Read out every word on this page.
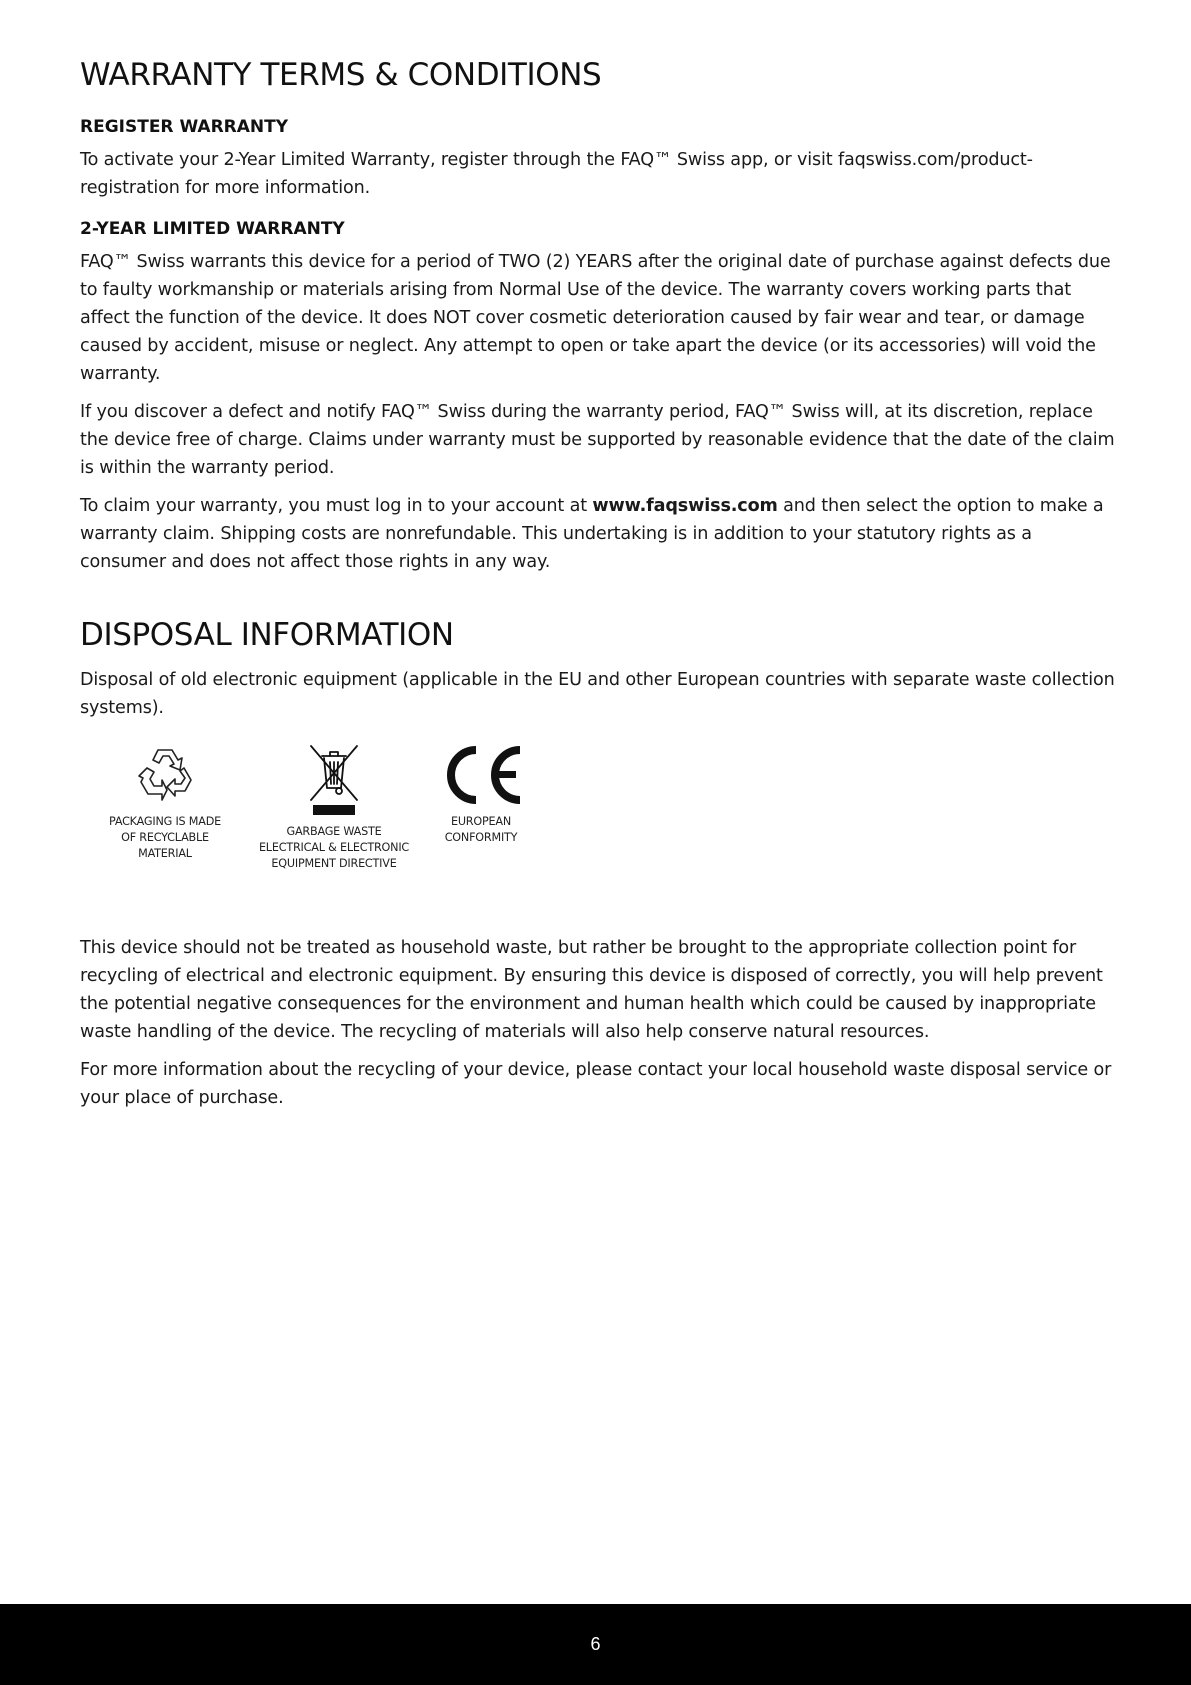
WARRANTY TERMS & CONDITIONS
REGISTER WARRANTY

To activate your 2-Year Limited Warranty, register through the FAQ™ Swiss app, or visit faqswiss.com/product-registration for more information.

2-YEAR LIMITED WARRANTY

FAQ™ Swiss warrants this device for a period of TWO (2) YEARS after the original date of purchase against defects due to faulty workmanship or materials arising from Normal Use of the device. The warranty covers working parts that affect the function of the device. It does NOT cover cosmetic deterioration caused by fair wear and tear, or damage caused by accident, misuse or neglect. Any attempt to open or take apart the device (or its accessories) will void the warranty.

If you discover a defect and notify FAQ™ Swiss during the warranty period, FAQ™ Swiss will, at its discretion, replace the device free of charge. Claims under warranty must be supported by reasonable evidence that the date of the claim is within the warranty period.

To claim your warranty, you must log in to your account at www.faqswiss.com and then select the option to make a warranty claim. Shipping costs are nonrefundable. This undertaking is in addition to your statutory rights as a consumer and does not affect those rights in any way.

DISPOSAL INFORMATION

Disposal of old electronic equipment (applicable in the EU and other European countries with separate waste collection systems).

PACKAGING IS MADE
OF RECYCLABLE
MATERIAL
GARBAGE WASTE
ELECTRICAL & ELECTRONIC
EQUIPMENT DIRECTIVE
EUROPEAN
CONFORMITY

This device should not be treated as household waste, but rather be brought to the appropriate collection point for recycling of electrical and electronic equipment. By ensuring this device is disposed of correctly, you will help prevent the potential negative consequences for the environment and human health which could be caused by inappropriate waste handling of the device. The recycling of materials will also help conserve natural resources.

For more information about the recycling of your device, please contact your local household waste disposal service or your place of purchase.

6
